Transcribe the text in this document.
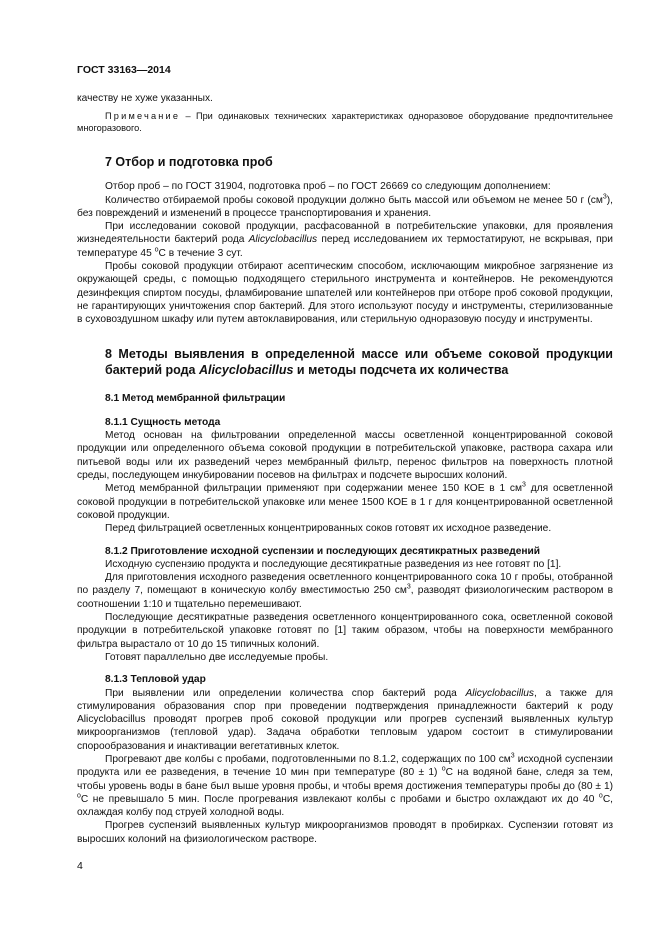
ГОСТ 33163—2014

качеству не хуже указанных.

Примечание – При одинаковых технических характеристиках одноразовое оборудование предпочтительнее многоразового.

7 Отбор и подготовка проб

Отбор проб – по ГОСТ 31904, подготовка проб – по ГОСТ 26669 со следующим дополнением:

Количество отбираемой пробы соковой продукции должно быть массой или объемом не менее 50 г $(см^3)$, без повреждений и изменений в процессе транспортирования и хранения.

При исследовании соковой продукции, расфасованной в потребительские упаковки, для проявления жизнедеятельности бактерий рода Alicyclobacillus перед исследованием их термостатируют, не вскрывая, при температуре 45 $^о$С в течение 3 сут.

Пробы соковой продукции отбирают асептическим способом, исключающим микробное загрязнение из окружающей среды, с помощью подходящего стерильного инструмента и контейнеров. Не рекомендуются дезинфекция спиртом посуды, фламбирование шпателей или контейнеров при отборе проб соковой продукции, не гарантирующих уничтожения спор бактерий. Для этого используют посуду и инструменты, стерилизованные в суховоздушном шкафу или путем автоклавирования, или стерильную одноразовую посуду и инструменты.

8 Методы выявления в определенной массе или объеме соковой продукции бактерий рода Alicyclobacillus и методы подсчета их количества
8.1 Метод мембранной фильтрации
8.1.1 Сущность метода

Метод основан на фильтровании определенной массы осветленной концентрированной соковой продукции или определенного объема соковой продукции в потребительской упаковке, раствора сахара или питьевой воды или их разведений через мембранный фильтр, перенос фильтров на поверхность плотной среды, последующем инкубировании посевов на фильтрах и подсчете выросших колоний.

Метод мембранной фильтрации применяют при содержании менее 150 КОЕ в 1 $см^3$ для осветленной соковой продукции в потребительской упаковке или менее 1500 КОЕ в 1 г для концентрированной осветленной соковой продукции.

Перед фильтрацией осветленных концентрированных соков готовят их исходное разведение.

8.1.2 Приготовление исходной суспензии и последующих десятикратных разведений

Исходную суспензию продукта и последующие десятикратные разведения из нее готовят по [1].

Для приготовления исходного разведения осветленного концентрированного сока 10 г пробы, отобранной по разделу 7, помещают в коническую колбу вместимостью 250 $см^3$, разводят физиологическим раствором в соотношении 1:10 и тщательно перемешивают.

Последующие десятикратные разведения осветленного концентрированного сока, осветленной соковой продукции в потребительской упаковке готовят по [1] таким образом, чтобы на поверхности мембранного фильтра вырастало от 10 до 15 типичных колоний.

Готовят параллельно две исследуемые пробы.

8.1.3 Тепловой удар

При выявлении или определении количества спор бактерий рода Alicyclobacillus, а также для стимулирования образования спор при проведении подтверждения принадлежности бактерий к роду Alicyclobacillus проводят прогрев проб соковой продукции или прогрев суспензий выявленных культур микроорганизмов (тепловой удар). Задача обработки тепловым ударом состоит в стимулировании спорообразования и инактивации вегетативных клеток.

Прогревают две колбы с пробами, подготовленными по 8.1.2, содержащих по 100 $см^3$ исходной суспензии продукта или ее разведения, в течение 10 мин при температуре (80 ± 1) $^о$С на водяной бане, следя за тем, чтобы уровень воды в бане был выше уровня пробы, и чтобы время достижения температуры пробы до (80 ± 1) $^о$С не превышало 5 мин. После прогревания извлекают колбы с пробами и быстро охлаждают их до 40 $^о$С, охлаждая колбу под струей холодной воды.

Прогрев суспензий выявленных культур микроорганизмов проводят в пробирках. Суспензии готовят из выросших колоний на физиологическом растворе.

4
